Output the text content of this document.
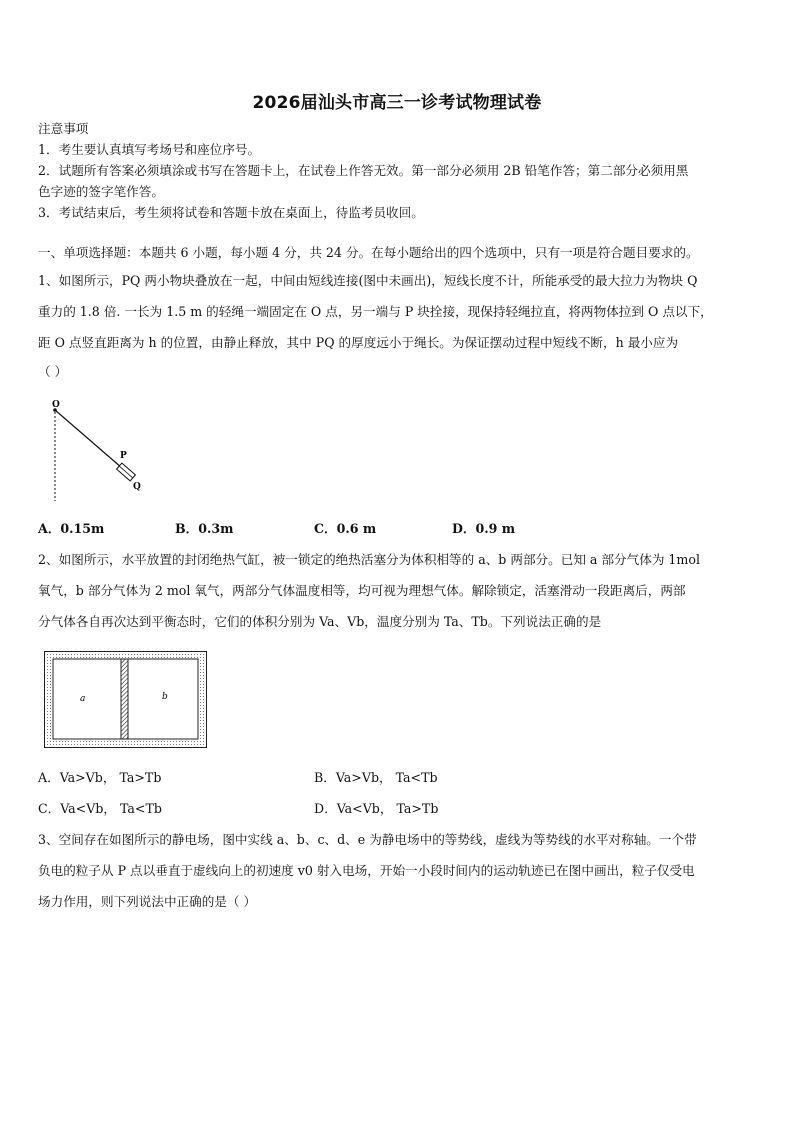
2026届汕头市高三一诊考试物理试卷
注意事项
1．考生要认真填写考场号和座位序号。
2．试题所有答案必须填涂或书写在答题卡上，在试卷上作答无效。第一部分必须用 2B 铅笔作答；第二部分必须用黑
色字迹的签字笔作答。
3．考试结束后，考生须将试卷和答题卡放在桌面上，待监考员收回。
一、单项选择题：本题共 6 小题，每小题 4 分，共 24 分。在每小题给出的四个选项中，只有一项是符合题目要求的。
1、如图所示，PQ 两小物块叠放在一起，中间由短线连接(图中未画出)，短线长度不计，所能承受的最大拉力为物块 Q
重力的 1.8 倍. 一长为 1.5 m 的轻绳一端固定在 O 点，另一端与 P 块拴接，现保持轻绳拉直，将两物体拉到 O 点以下，
距 O 点竖直距离为 h 的位置，由静止释放，其中 PQ 的厚度远小于绳长。为保证摆动过程中短线不断，h 最小应为
（ ）
O
P
Q
A．0.15m	B．0.3m	C．0.6 m	D．0.9 m
2、如图所示，水平放置的封闭绝热气缸，被一锁定的绝热活塞分为体积相等的 a、b 两部分。已知 a 部分气体为 1mol
氧气，b 部分气体为 2 mol 氧气，两部分气体温度相等，均可视为理想气体。解除锁定，活塞滑动一段距离后，两部
分气体各自再次达到平衡态时，它们的体积分别为 Va、Vb，温度分别为 Ta、Tb。下列说法正确的是
a	b
A．Va>Vb， Ta>Tb	B．Va>Vb， Ta<Tb
C．Va<Vb， Ta<Tb	D．Va<Vb， Ta>Tb
3、空间存在如图所示的静电场，图中实线 a、b、c、d、e 为静电场中的等势线，虚线为等势线的水平对称轴。一个带
负电的粒子从 P 点以垂直于虚线向上的初速度 v0 射入电场，开始一小段时间内的运动轨迹已在图中画出，粒子仅受电
场力作用，则下列说法中正确的是（ ）
